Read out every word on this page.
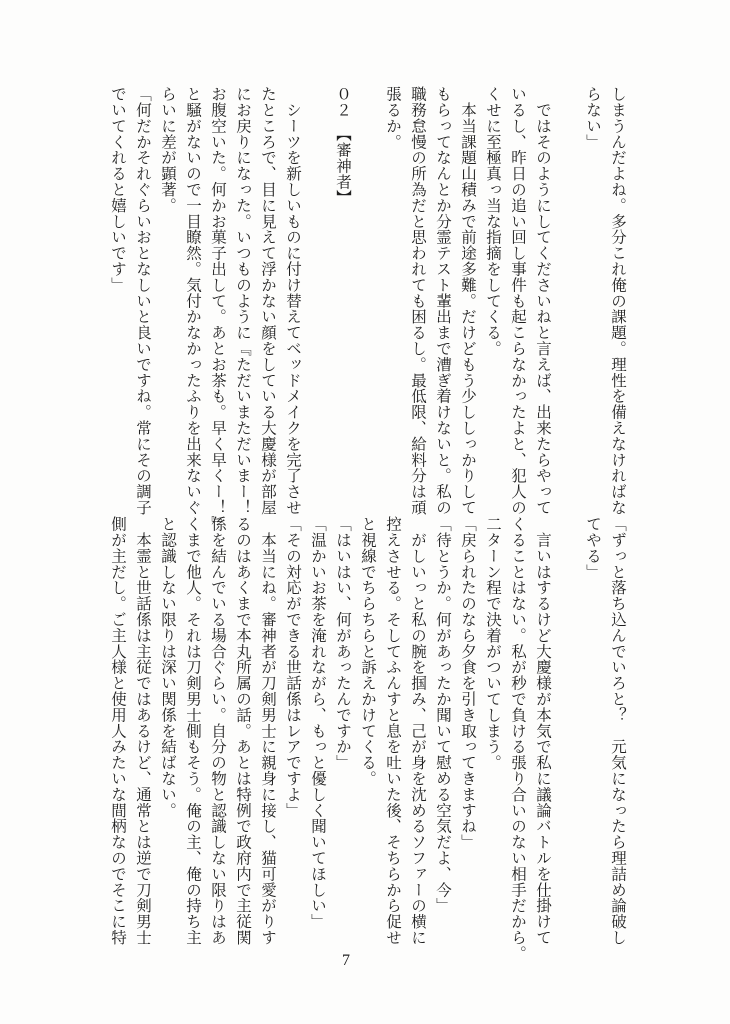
しまうんだよね。多分これ俺の課題。理性を備えなければな
らない」
　ではそのようにしてくださいねと言えば、出来たらやって
いるし、昨日の追い回し事件も起こらなかったよと、犯人の
くせに至極真っ当な指摘をしてくる。
　本当課題山積みで前途多難。だけどもう少ししっかりして
もらってなんとか分霊テスト輩出まで漕ぎ着けないと。私の
職務怠慢の所為だと思われても困るし。最低限、給料分は頑
張るか。
０２　【審神者】
　シーツを新しいものに付け替えてベッドメイクを完了させ
たところで、目に見えて浮かない顔をしている大慶様が部屋
にお戻りになった。いつものように『ただいまただいまー！
お腹空いた。何かお菓子出して。あとお茶も。早く早くー！』
と騒がないので一目瞭然。気付かなかったふりを出来ないぐ
らいに差が顕著。
「何だかそれぐらいおとなしいと良いですね。常にその調子
でいてくれると嬉しいです」
「ずっと落ち込んでいろと？　元気になったら理詰め論破し
てやる」
　言いはするけど大慶様が本気で私に議論バトルを仕掛けて
くることはない。私が秒で負ける張り合いのない相手だから。
二ターン程で決着がついてしまう。
「戻られたのなら夕食を引き取ってきますね」
「待とうか。何があったか聞いて慰める空気だよ、今」
　がしいっと私の腕を掴み、己が身を沈めるソファーの横に
控えさせる。そしてふんすと息を吐いた後、そちらから促せ
と視線でちらちらと訴えかけてくる。
「はいはい、何があったんですか」
「温かいお茶を淹れながら、もっと優しく聞いてほしい」
「その対応ができる世話係はレアですよ」
　本当にね。審神者が刀剣男士に親身に接し、猫可愛がりす
るのはあくまで本丸所属の話。あとは特例で政府内で主従関
係を結んでいる場合ぐらい。自分の物と認識しない限りはあ
くまで他人。それは刀剣男士側もそう。俺の主、俺の持ち主
と認識しない限りは深い関係を結ばない。
　本霊と世話係は主従ではあるけど、通常とは逆で刀剣男士
側が主だし。ご主人様と使用人みたいな間柄なのでそこに特
7
